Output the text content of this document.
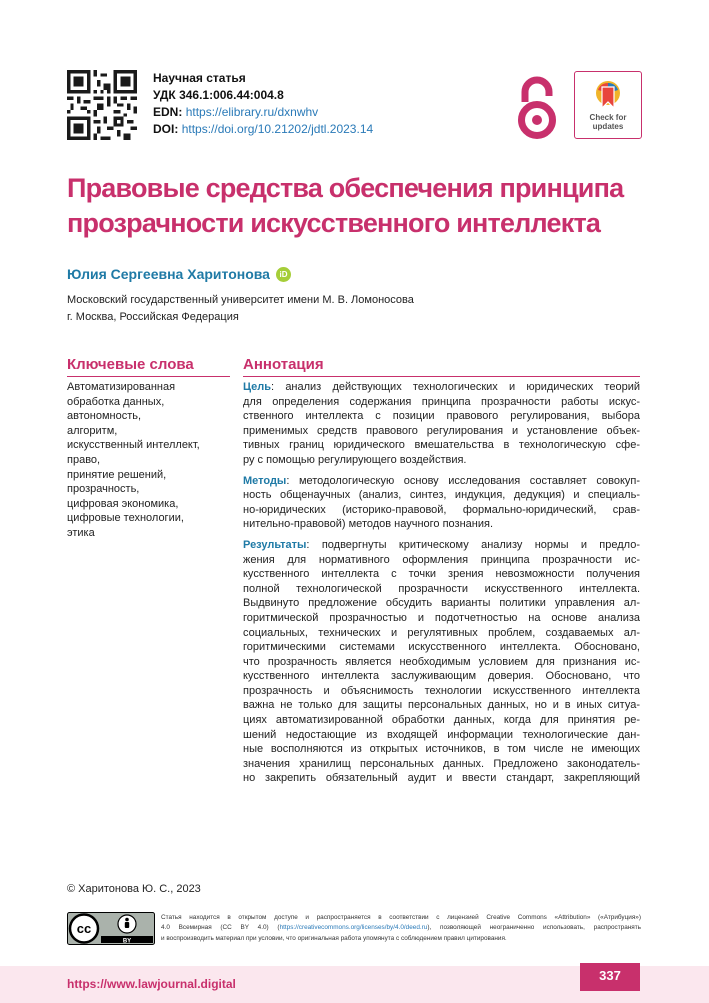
Научная статья
УДК 346.1:006.44:004.8
EDN: https://elibrary.ru/dxnwhv
DOI: https://doi.org/10.21202/jdtl.2023.14
Check for
updates
Правовые средства обеспечения принципа
прозрачности искусственного интеллекта
Юлия Сергеевна Харитонова	iD
Московский государственный университет имени М. В. Ломоносова
г. Москва, Российская Федерация
Ключевые слова
Автоматизированная
обработка данных,
автономность,
алгоритм,
искусственный интеллект,
право,
принятие решений,
прозрачность,
цифровая экономика,
цифровые технологии,
этика
Аннотация
Цель: анализ действующих технологических и юридических теорий
для определения содержания принципа прозрачности работы искус-
ственного интеллекта с позиции правового регулирования, выбора
применимых средств правового регулирования и установление объек-
тивных границ юридического вмешательства в технологическую сфе-
ру с помощью регулирующего воздействия.
Методы: методологическую основу исследования составляет совокуп-
ность общенаучных (анализ, синтез, индукция, дедукция) и специаль-
но-юридических (историко-правовой, формально-юридический, срав-
нительно-правовой) методов научного познания.
Результаты: подвергнуты критическому анализу нормы и предло-
жения для нормативного оформления принципа прозрачности ис-
кусственного интеллекта с точки зрения невозможности получения
полной технологической прозрачности искусственного интеллекта.
Выдвинуто предложение обсудить варианты политики управления ал-
горитмической прозрачностью и подотчетностью на основе анализа
социальных, технических и регулятивных проблем, создаваемых ал-
горитмическими системами искусственного интеллекта. Обосновано,
что прозрачность является необходимым условием для признания ис-
кусственного интеллекта заслуживающим доверия. Обосновано, что
прозрачность и объяснимость технологии искусственного интеллекта
важна не только для защиты персональных данных, но и в иных ситуа-
циях автоматизированной обработки данных, когда для принятия ре-
шений недостающие из входящей информации технологические дан-
ные восполняются из открытых источников, в том числе не имеющих
значения хранилищ персональных данных. Предложено законодатель-
но закрепить обязательный аудит и ввести стандарт, закрепляющий
© Харитонова Ю. С., 2023
cc
BY
Статья находится в открытом доступе и распространяется в соответствии с лицензией Creative Commons «Attribution» («Атрибуция»)
4.0 Всемирная (CC BY 4.0) (https://creativecommons.org/licenses/by/4.0/deed.ru), позволяющей неограниченно использовать, распространять
и воспроизводить материал при условии, что оригинальная работа упомянута с соблюдением правил цитирования.
https://www.lawjournal.digital
337
